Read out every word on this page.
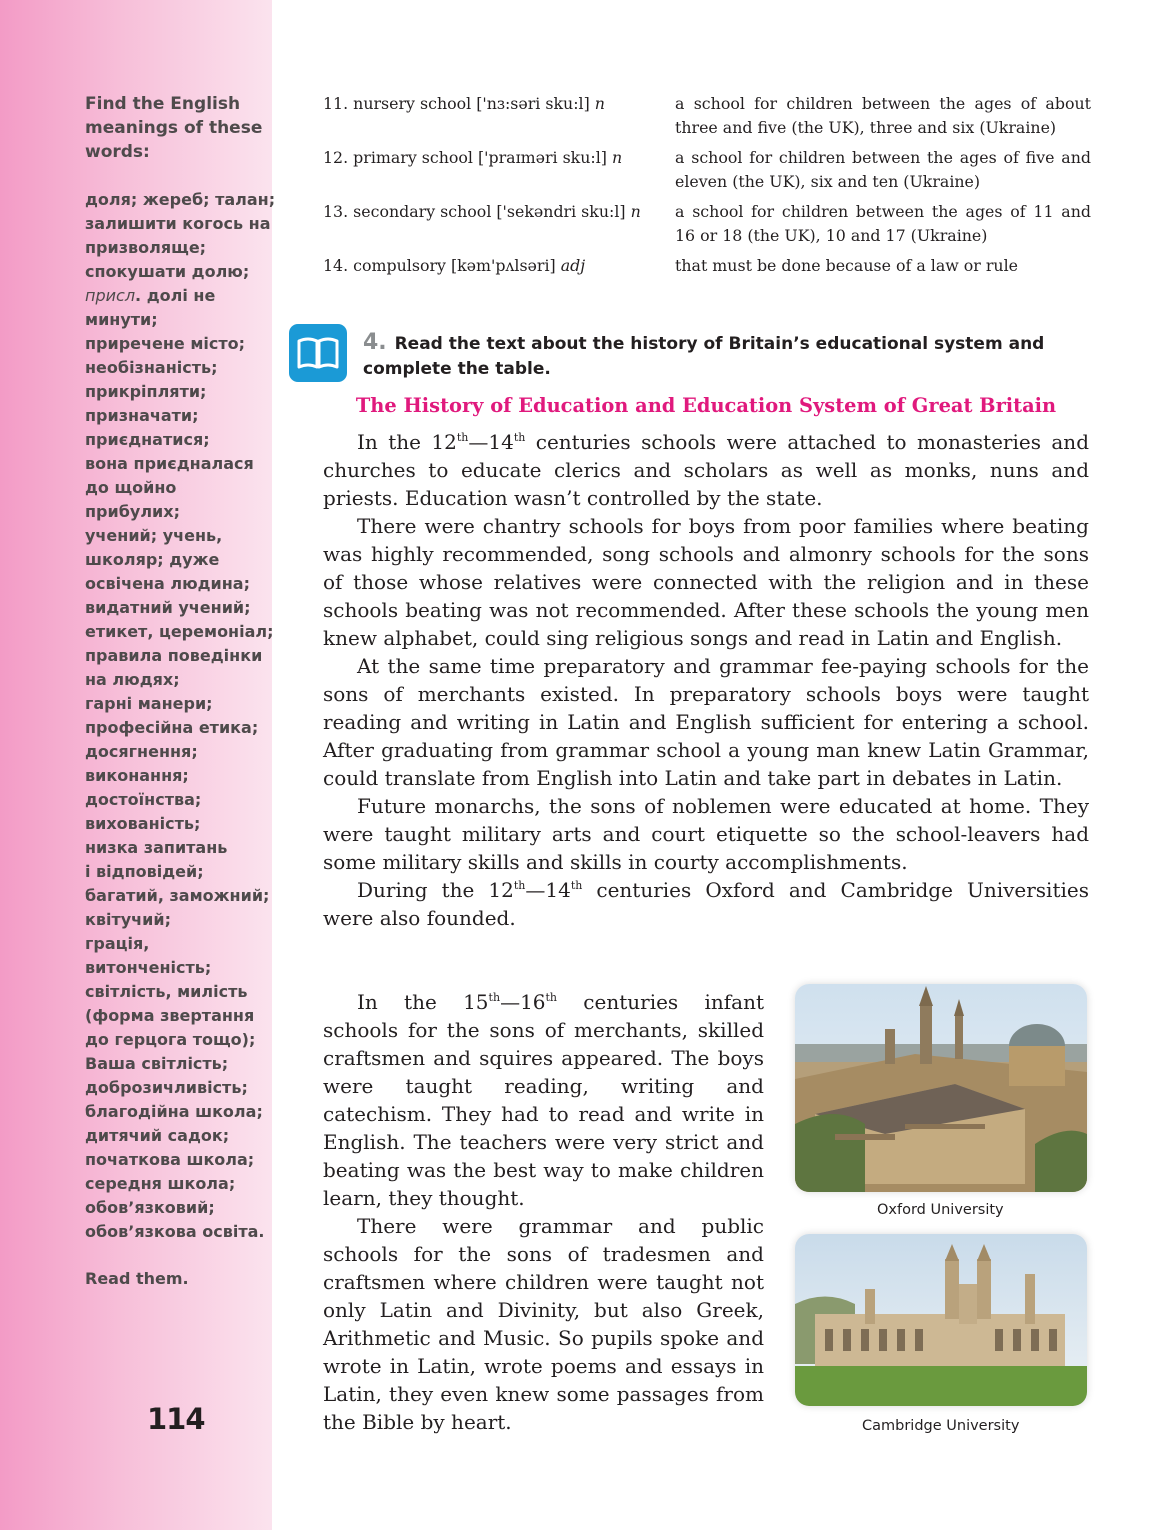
Find the English meanings of these words:

доля; жереб; талан;
залишити когось на
призволяще;
спокушати долю;
присл. долі не
минути;
приречене місто;
необізнаність;
прикріпляти;
призначати;
приєднатися;
вона приєдналася
до щойно
прибулих;
учений; учень,
школяр; дуже
освічена людина;
видатний учений;
етикет, церемоніал;
правила поведінки
на людях;
гарні манери;
професійна етика;
досягнення;
виконання;
достоїнства;
вихованість;
низка запитань
і відповідей;
багатий, заможний;
квітучий;
грація,
витонченість;
світлість, милість
(форма звертання
до герцога тощо);
Ваша світлість;
доброзичливість;
благодійна школа;
дитячий садок;
початкова школа;
середня школа;
обов’язковий;
обов’язкова освіта.

Read them.

114
11. nursery school ['nɜ:səri sku:l] n	a school for children between the ages of about three and five (the UK), three and six (Ukraine)
12. primary school ['praɪməri sku:l] n	a school for children between the ages of five and eleven (the UK), six and ten (Ukraine)
13. secondary school ['sekəndri sku:l] n	a school for children between the ages of 11 and 16 or 18 (the UK), 10 and 17 (Ukraine)
14. compulsory [kəm'pʌlsəri] adj	that must be done because of a law or rule
4. Read the text about the history of Britain’s educational system and complete the table.
The History of Education and Education System of Great Britain

In the 12th—14th centuries schools were attached to monasteries and churches to educate clerics and scholars as well as monks, nuns and priests. Education wasn’t controlled by the state.

There were chantry schools for boys from poor families where beating was highly recommended, song schools and almonry schools for the sons of those whose relatives were connected with the religion and in these schools beating was not recommended. After these schools the young men knew alphabet, could sing religious songs and read in Latin and English.

At the same time preparatory and grammar fee-paying schools for the sons of merchants existed. In preparatory schools boys were taught reading and writing in Latin and English sufficient for entering a school. After graduating from grammar school a young man knew Latin Grammar, could translate from English into Latin and take part in debates in Latin.

Future monarchs, the sons of noblemen were educated at home. They were taught military arts and court etiquette so the school-leavers had some military skills and skills in courty accomplishments.

During the 12th—14th centuries Oxford and Cambridge Universities were also founded.

In the 15th—16th centuries infant schools for the sons of merchants, skilled craftsmen and squires appeared. The boys were taught reading, writing and catechism. They had to read and write in English. The teachers were very strict and beating was the best way to make children learn, they thought.

There were grammar and public schools for the sons of tradesmen and craftsmen where children were taught not only Latin and Divinity, but also Greek, Arithmetic and Music. So pupils spoke and wrote in Latin, wrote poems and essays in Latin, they even knew some passages from the Bible by heart.

Oxford University
Cambridge University
